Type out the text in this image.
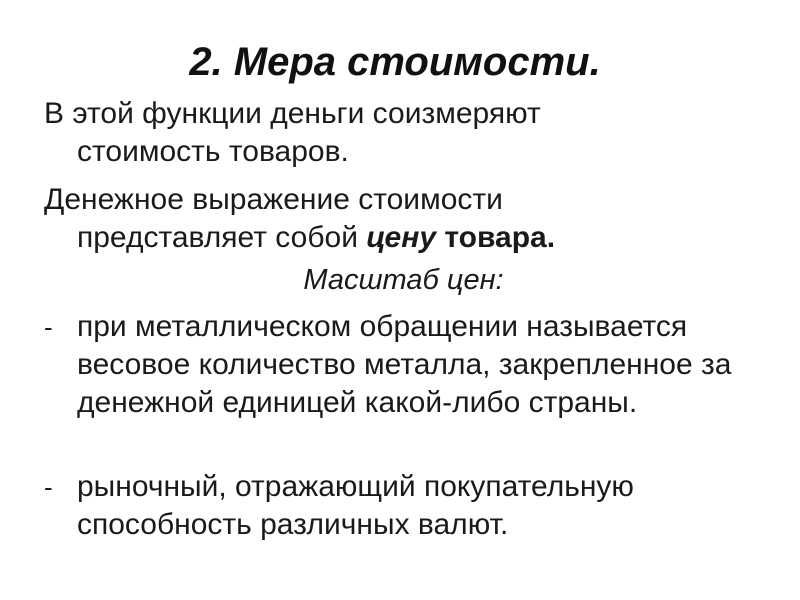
2. Мера стоимости.
В этой функции деньги соизмеряют
стоимость товаров.
Денежное выражение стоимости
представляет собой цену товара.
Масштаб цен:
- при металлическом обращении называется весовое количество металла, закрепленное за денежной единицей какой-либо страны.
- рыночный, отражающий покупательную способность различных валют.
